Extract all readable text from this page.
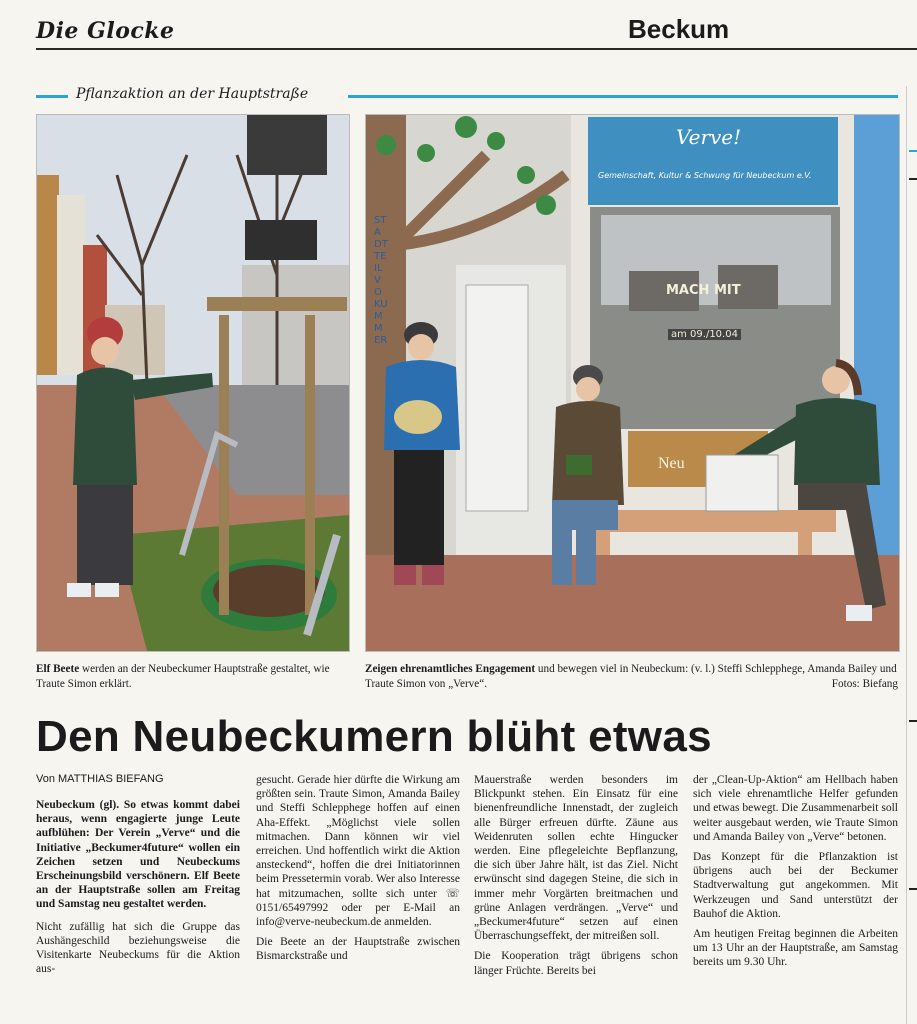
Die Glocke	Beckum
Pflanzaktion an der Hauptstraße
Verve!
Gemeinschaft, Kultur & Schwung für Neubeckum e.V.
MACH MIT
am 09./10.04
STADTTEILVOKUMMER
Neu
Elf Beete werden an der Neubeckumer Hauptstraße gestaltet, wie Traute Simon erklärt.
Zeigen ehrenamtliches Engagement und bewegen viel in Neubeckum: (v. l.) Steffi Schlepphege, Amanda Bailey und Traute Simon von „Verve“.	Fotos: Biefang
Den Neubeckumern blüht etwas
Von MATTHIAS BIEFANG

Neubeckum (gl). So etwas kommt dabei heraus, wenn engagierte junge Leute aufblühen: Der Verein „Verve“ und die Initiative „Beckumer4future“ wollen ein Zeichen setzen und Neubeckums Erscheinungsbild verschönern. Elf Beete an der Hauptstraße sollen am Freitag und Samstag neu gestaltet werden.

Nicht zufällig hat sich die Gruppe das Aushängeschild beziehungsweise die Visitenkarte Neubeckums für die Aktion aus-

gesucht. Gerade hier dürfte die Wirkung am größten sein. Traute Simon, Amanda Bailey und Steffi Schlepphege hoffen auf einen Aha-Effekt. „Möglichst viele sollen mitmachen. Dann können wir viel erreichen. Und hoffentlich wirkt die Aktion ansteckend“, hoffen die drei Initiatorinnen beim Pressetermin vorab. Wer also Interesse hat mitzumachen, sollte sich unter ☏ 0151/65497992 oder per E-Mail an info@verve-neubeckum.de anmelden.

Die Beete an der Hauptstraße zwischen Bismarckstraße und

Mauerstraße werden besonders im Blickpunkt stehen. Ein Einsatz für eine bienenfreundliche Innenstadt, der zugleich alle Bürger erfreuen dürfte. Zäune aus Weidenruten sollen echte Hingucker werden. Eine pflegeleichte Bepflanzung, die sich über Jahre hält, ist das Ziel. Nicht erwünscht sind dagegen Steine, die sich in immer mehr Vorgärten breitmachen und grüne Anlagen verdrängen. „Verve“ und „Beckumer4future“ setzen auf einen Überraschungseffekt, der mitreißen soll.

Die Kooperation trägt übrigens schon länger Früchte. Bereits bei

der „Clean-Up-Aktion“ am Hellbach haben sich viele ehrenamtliche Helfer gefunden und etwas bewegt. Die Zusammenarbeit soll weiter ausgebaut werden, wie Traute Simon und Amanda Bailey von „Verve“ betonen.

Das Konzept für die Pflanzaktion ist übrigens auch bei der Beckumer Stadtverwaltung gut angekommen. Mit Werkzeugen und Sand unterstützt der Bauhof die Aktion.

Am heutigen Freitag beginnen die Arbeiten um 13 Uhr an der Hauptstraße, am Samstag bereits um 9.30 Uhr.
